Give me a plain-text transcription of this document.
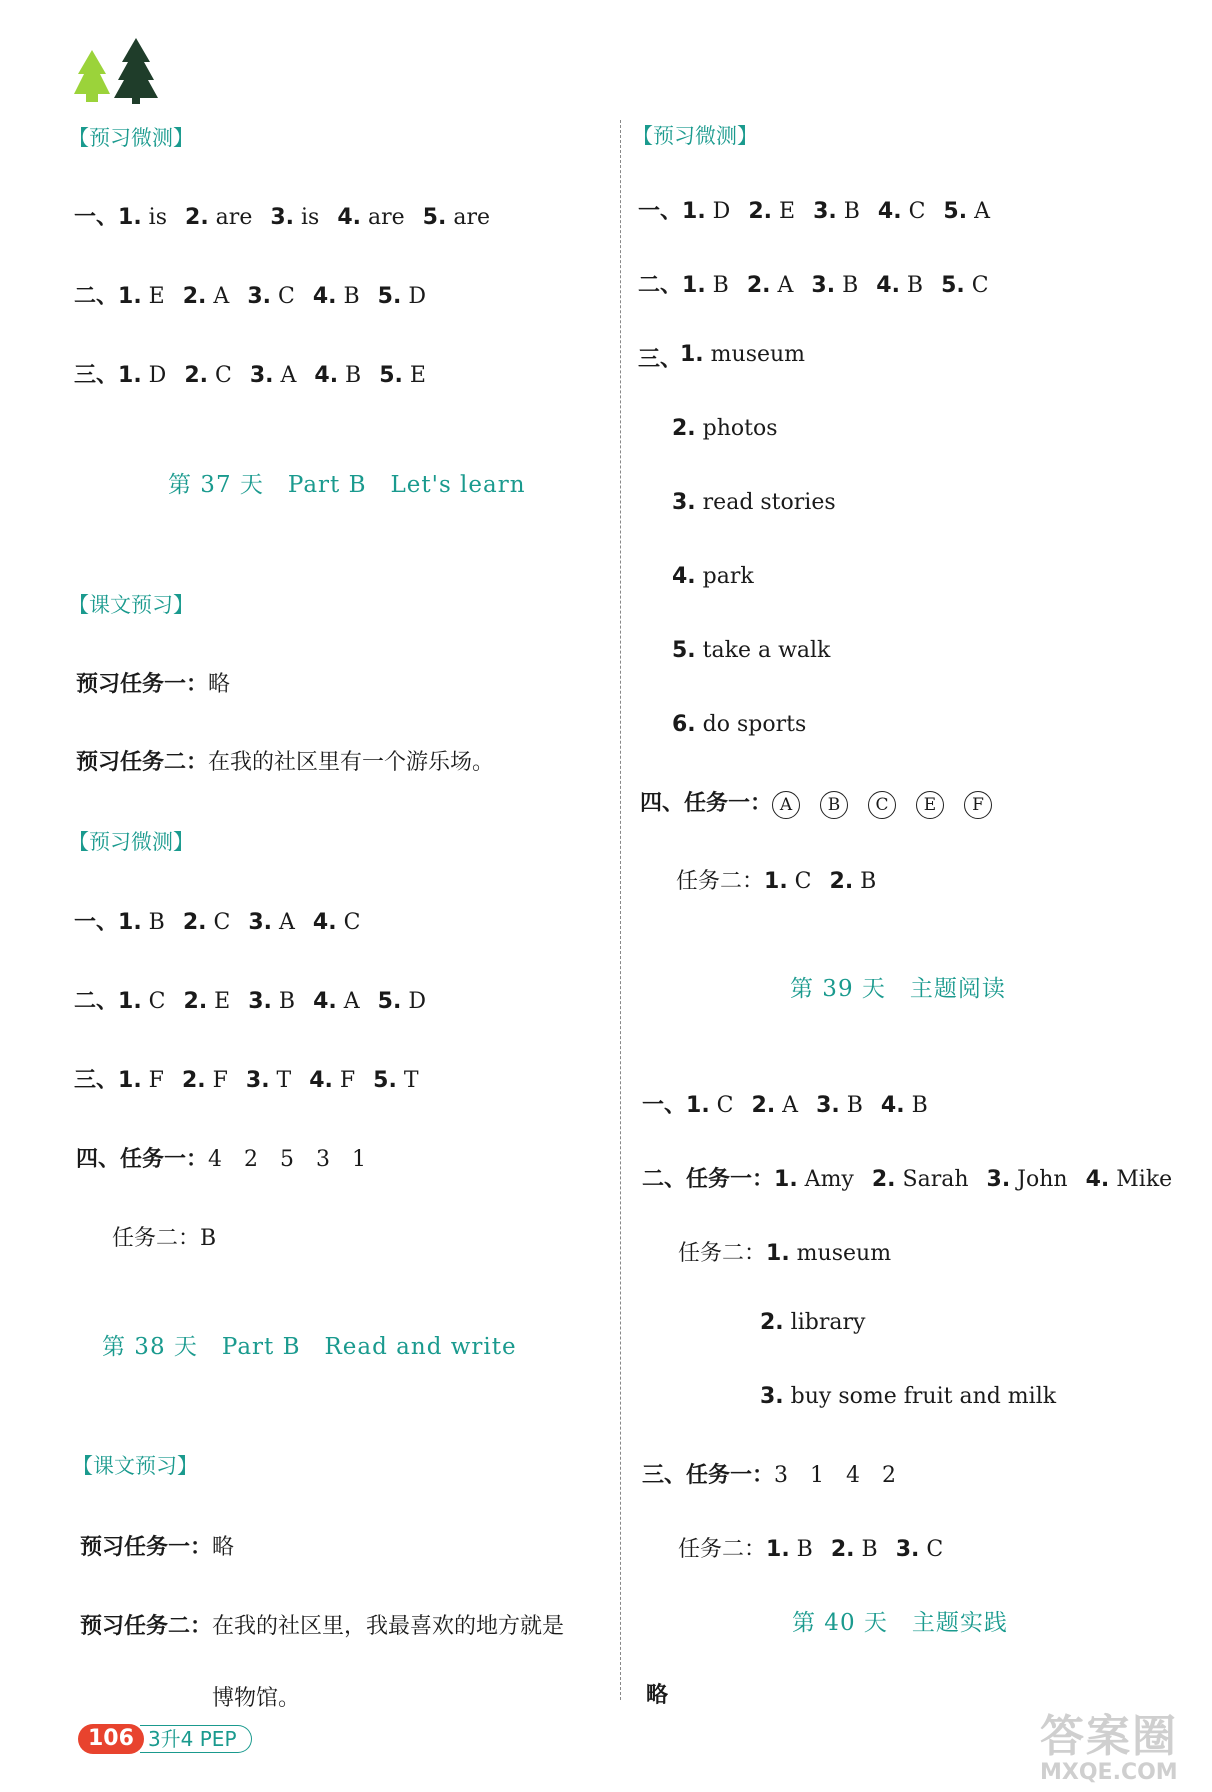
【预习微测】
一、1. is 2. are 3. is 4. are 5. are
二、1. E 2. A 3. C 4. B 5. D
三、1. D 2. C 3. A 4. B 5. E
第 37 天　Part B　Let's learn
【课文预习】
预习任务一：略
预习任务二：在我的社区里有一个游乐场。
【预习微测】
一、1. B 2. C 3. A 4. C
二、1. C 2. E 3. B 4. A 5. D
三、1. F 2. F 3. T 4. F 5. T
四、任务一：4　2　5　3　1
任务二：B
第 38 天　Part B　Read and write
【课文预习】
预习任务一：略
预习任务二：在我的社区里，我最喜欢的地方就是
博物馆。
【预习微测】
一、1. D 2. E 3. B 4. C 5. A
二、1. B 2. A 3. B 4. B 5. C
三、
1. museum
2. photos
3. read stories
4. park
5. take a walk
6. do sports
四、任务一： A B C E F
任务二：1. C 2. B
第 39 天　主题阅读
一、1. C 2. A 3. B 4. B
二、任务一：1. Amy 2. Sarah 3. John 4. Mike
任务二：1. museum
2. library
3. buy some fruit and milk
三、任务一：3　1　4　2
任务二：1. B 2. B 3. C
第 40 天　主题实践
略
106 3升4 PEP	答案圈
MXQE.COM
